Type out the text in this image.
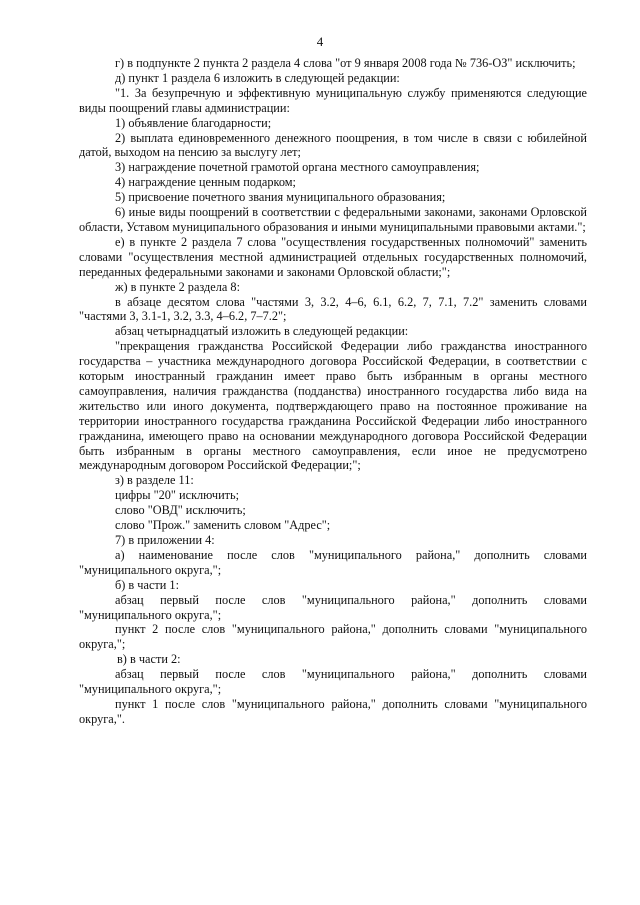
4

г) в подпункте 2 пункта 2 раздела 4 слова "от 9 января 2008 года № 736-ОЗ" исключить;

д) пункт 1 раздела 6 изложить в следующей редакции:

"1. За безупречную и эффективную муниципальную службу применяются следующие виды поощрений главы администрации:

1) объявление благодарности;

2) выплата единовременного денежного поощрения, в том числе в связи с юбилейной датой, выходом на пенсию за выслугу лет;

3) награждение почетной грамотой органа местного самоуправления;

4) награждение ценным подарком;

5) присвоение почетного звания муниципального образования;

6) иные виды поощрений в соответствии с федеральными законами, законами Орловской области, Уставом муниципального образования и иными муниципальными правовыми актами.";

е) в пункте 2 раздела 7 слова "осуществления государственных полномочий" заменить словами "осуществления местной администрацией отдельных государственных полномочий, переданных федеральными законами и законами Орловской области;";

ж) в пункте 2 раздела 8:

в абзаце десятом слова "частями 3, 3.2, 4–6, 6.1, 6.2, 7, 7.1, 7.2" заменить словами "частями 3, 3.1-1, 3.2, 3.3, 4–6.2, 7–7.2";

абзац четырнадцатый изложить в следующей редакции:

"прекращения гражданства Российской Федерации либо гражданства иностранного государства – участника международного договора Российской Федерации, в соответствии с которым иностранный гражданин имеет право быть избранным в органы местного самоуправления, наличия гражданства (подданства) иностранного государства либо вида на жительство или иного документа, подтверждающего право на постоянное проживание на территории иностранного государства гражданина Российской Федерации либо иностранного гражданина, имеющего право на основании международного договора Российской Федерации быть избранным в органы местного самоуправления, если иное не предусмотрено международным договором Российской Федерации;";

з) в разделе 11:

цифры "20" исключить;

слово "ОВД" исключить;

слово "Прож." заменить словом "Адрес";

7) в приложении 4:

а) наименование после слов "муниципального района," дополнить словами "муниципального округа,";

б) в части 1:

абзац первый после слов "муниципального района," дополнить словами "муниципального округа,";

пункт 2 после слов "муниципального района," дополнить словами "муниципального округа,";

в) в части 2:

абзац первый после слов "муниципального района," дополнить словами "муниципального округа,";

пункт 1 после слов "муниципального района," дополнить словами "муниципального округа,".
